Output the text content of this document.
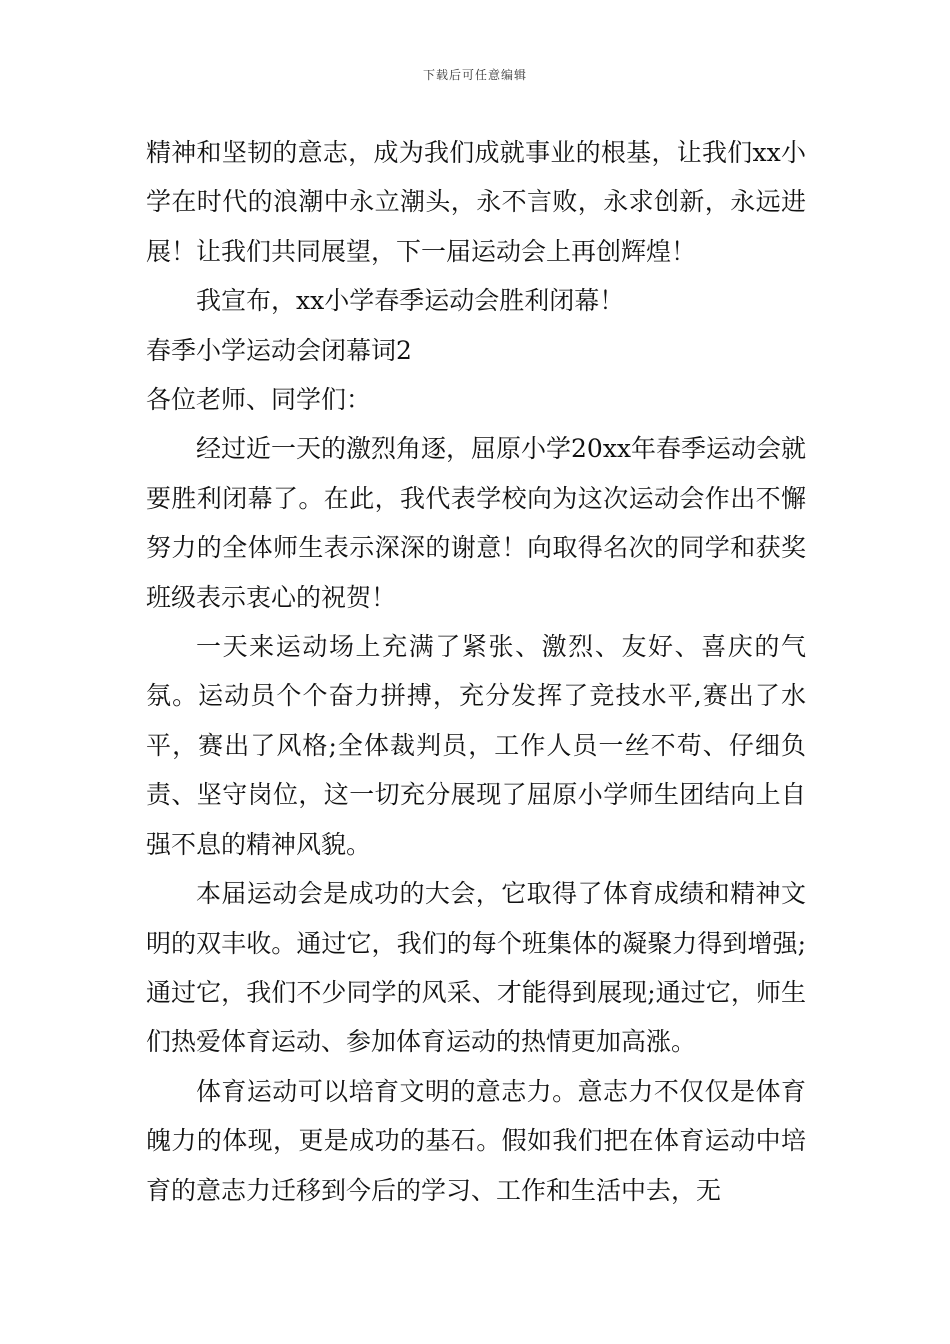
下载后可任意编辑

精神和坚韧的意志，成为我们成就事业的根基，让我们xx小学在时代的浪潮中永立潮头，永不言败，永求创新，永远进展！让我们共同展望，下一届运动会上再创辉煌！

我宣布，xx小学春季运动会胜利闭幕！

春季小学运动会闭幕词2

各位老师、同学们：

经过近一天的激烈角逐，屈原小学20xx年春季运动会就要胜利闭幕了。在此，我代表学校向为这次运动会作出不懈努力的全体师生表示深深的谢意！向取得名次的同学和获奖班级表示衷心的祝贺！

一天来运动场上充满了紧张、激烈、友好、喜庆的气氛。运动员个个奋力拼搏，充分发挥了竞技水平,赛出了水平，赛出了风格;全体裁判员，工作人员一丝不苟、仔细负责、坚守岗位，这一切充分展现了屈原小学师生团结向上自强不息的精神风貌。

本届运动会是成功的大会，它取得了体育成绩和精神文明的双丰收。通过它，我们的每个班集体的凝聚力得到增强;通过它，我们不少同学的风采、才能得到展现;通过它，师生们热爱体育运动、参加体育运动的热情更加高涨。

体育运动可以培育文明的意志力。意志力不仅仅是体育魄力的体现，更是成功的基石。假如我们把在体育运动中培育的意志力迁移到今后的学习、工作和生活中去，无
